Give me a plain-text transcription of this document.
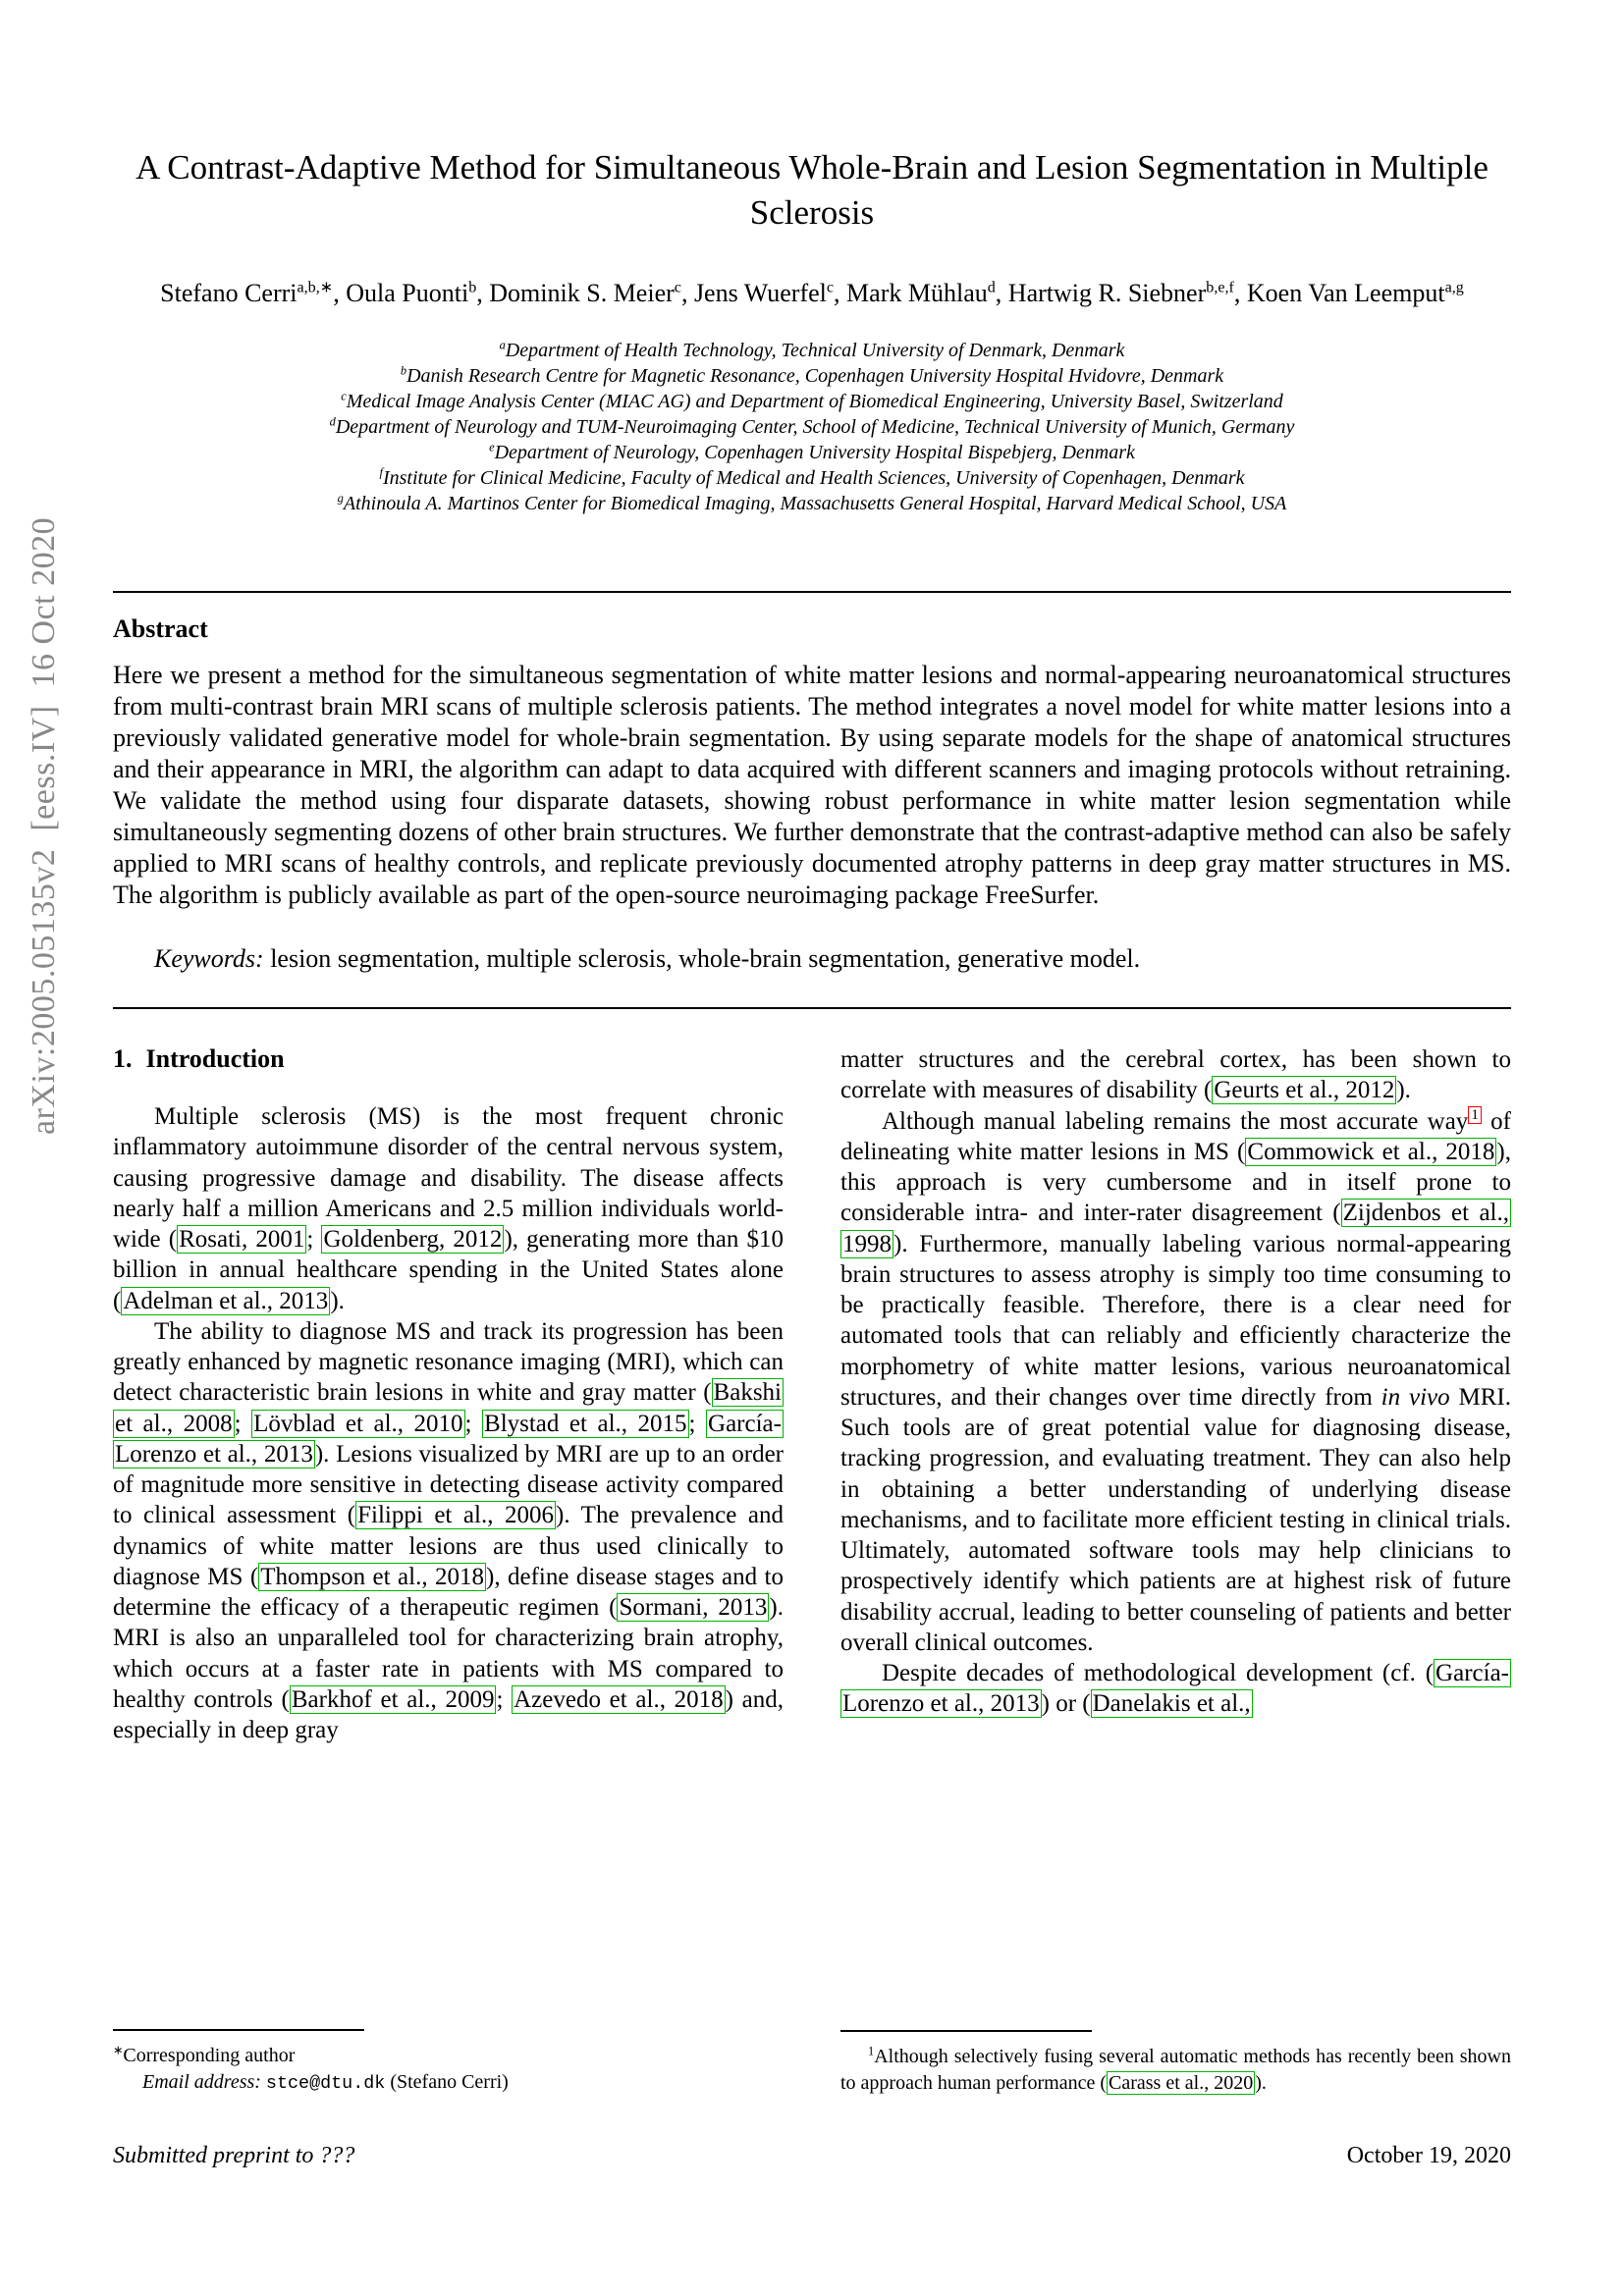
arXiv:2005.05135v2  [eess.IV]  16 Oct 2020
A Contrast-Adaptive Method for Simultaneous Whole-Brain and Lesion Segmentation in Multiple Sclerosis
Stefano Cerri$^{a,b,∗}$, Oula Puonti$^b$, Dominik S. Meier$^c$, Jens Wuerfel$^c$, Mark Mühlau$^d$, Hartwig R. Siebner$^{b,e,f}$, Koen Van Leemput$^{a,g}$
$^a$Department of Health Technology, Technical University of Denmark, Denmark
$^b$Danish Research Centre for Magnetic Resonance, Copenhagen University Hospital Hvidovre, Denmark
$^c$Medical Image Analysis Center (MIAC AG) and Department of Biomedical Engineering, University Basel, Switzerland
$^d$Department of Neurology and TUM-Neuroimaging Center, School of Medicine, Technical University of Munich, Germany
$^e$Department of Neurology, Copenhagen University Hospital Bispebjerg, Denmark
$^f$Institute for Clinical Medicine, Faculty of Medical and Health Sciences, University of Copenhagen, Denmark
$^g$Athinoula A. Martinos Center for Biomedical Imaging, Massachusetts General Hospital, Harvard Medical School, USA
Abstract

Here we present a method for the simultaneous segmentation of white matter lesions and normal-appearing neuroanatomical structures from multi-contrast brain MRI scans of multiple sclerosis patients. The method integrates a novel model for white matter lesions into a previously validated generative model for whole-brain segmentation. By using separate models for the shape of anatomical structures and their appearance in MRI, the algorithm can adapt to data acquired with different scanners and imaging protocols without retraining. We validate the method using four disparate datasets, showing robust performance in white matter lesion segmentation while simultaneously segmenting dozens of other brain structures. We further demonstrate that the contrast-adaptive method can also be safely applied to MRI scans of healthy controls, and replicate previously documented atrophy patterns in deep gray matter structures in MS. The algorithm is publicly available as part of the open-source neuroimaging package FreeSurfer.

Keywords: lesion segmentation, multiple sclerosis, whole-brain segmentation, generative model.

1. Introduction

Multiple sclerosis (MS) is the most frequent chronic inflammatory autoimmune disorder of the central nervous system, causing progressive damage and disability. The disease affects nearly half a million Americans and 2.5 million individuals world-wide (Rosati, 2001; Goldenberg, 2012), generating more than $10 billion in annual healthcare spending in the United States alone (Adelman et al., 2013).

The ability to diagnose MS and track its progression has been greatly enhanced by magnetic resonance imaging (MRI), which can detect characteristic brain lesions in white and gray matter (Bakshi et al., 2008; Lövblad et al., 2010; Blystad et al., 2015; García-Lorenzo et al., 2013). Lesions visualized by MRI are up to an order of magnitude more sensitive in detecting disease activity compared to clinical assessment (Filippi et al., 2006). The prevalence and dynamics of white matter lesions are thus used clinically to diagnose MS (Thompson et al., 2018), define disease stages and to determine the efficacy of a therapeutic regimen (Sormani, 2013). MRI is also an unparalleled tool for characterizing brain atrophy, which occurs at a faster rate in patients with MS compared to healthy controls (Barkhof et al., 2009; Azevedo et al., 2018) and, especially in deep gray

∗Corresponding author

Email address: stce@dtu.dk (Stefano Cerri)

matter structures and the cerebral cortex, has been shown to correlate with measures of disability (Geurts et al., 2012).

Although manual labeling remains the most accurate way $^1$ of delineating white matter lesions in MS (Commowick et al., 2018), this approach is very cumbersome and in itself prone to considerable intra- and inter-rater disagreement (Zijdenbos et al., 1998). Furthermore, manually labeling various normal-appearing brain structures to assess atrophy is simply too time consuming to be practically feasible. Therefore, there is a clear need for automated tools that can reliably and efficiently characterize the morphometry of white matter lesions, various neuroanatomical structures, and their changes over time directly from in vivo MRI. Such tools are of great potential value for diagnosing disease, tracking progression, and evaluating treatment. They can also help in obtaining a better understanding of underlying disease mechanisms, and to facilitate more efficient testing in clinical trials. Ultimately, automated software tools may help clinicians to prospectively identify which patients are at highest risk of future disability accrual, leading to better counseling of patients and better overall clinical outcomes.

Despite decades of methodological development (cf. (García-Lorenzo et al., 2013) or (Danelakis et al.,

$^1$Although selectively fusing several automatic methods has recently been shown to approach human performance ( Carass et al., 2020 ).

Submitted preprint to ???	October 19, 2020
